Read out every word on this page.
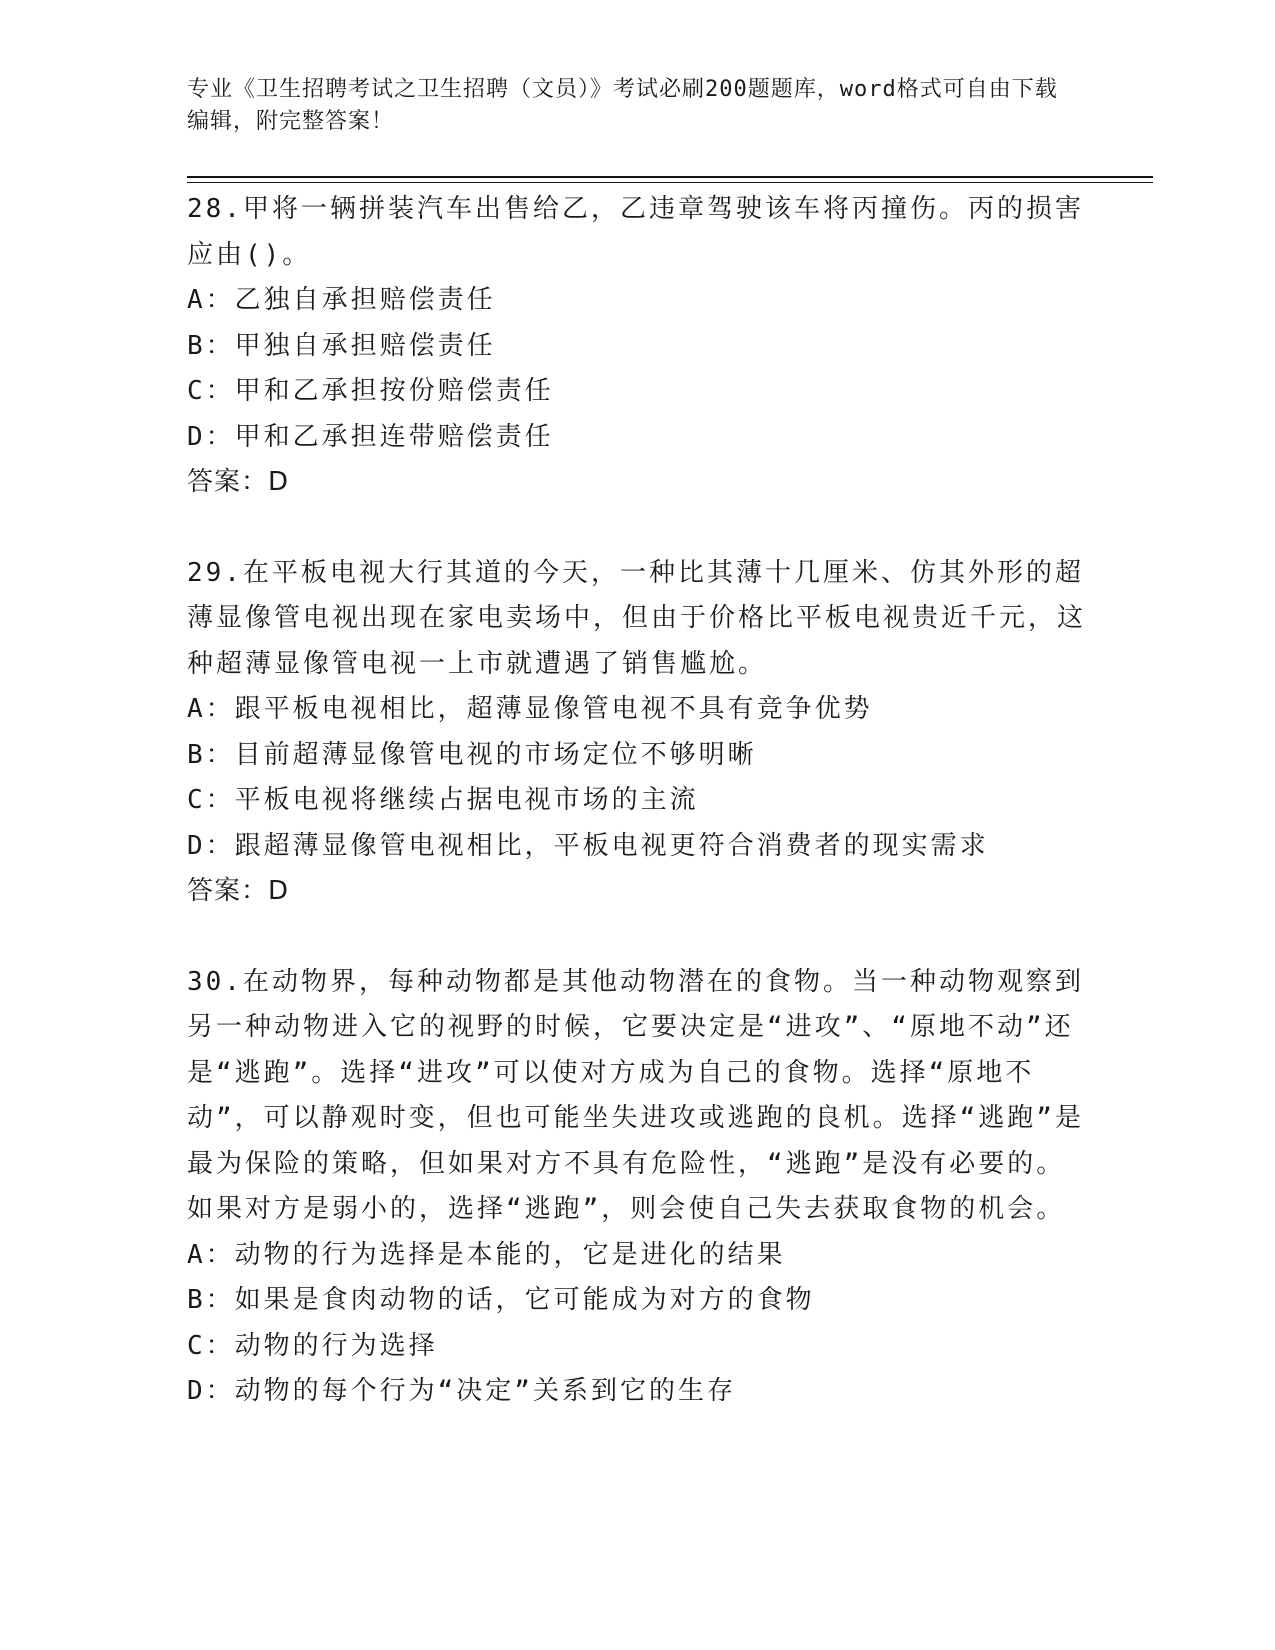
专业《卫生招聘考试之卫生招聘（文员）》考试必刷200题题库，word格式可自由下载编辑，附完整答案！

28.甲将一辆拼装汽车出售给乙，乙违章驾驶该车将丙撞伤。丙的损害应由()。

A：乙独自承担赔偿责任

B：甲独自承担赔偿责任

C：甲和乙承担按份赔偿责任

D：甲和乙承担连带赔偿责任

答案：D

29.在平板电视大行其道的今天，一种比其薄十几厘米、仿其外形的超薄显像管电视出现在家电卖场中，但由于价格比平板电视贵近千元，这种超薄显像管电视一上市就遭遇了销售尴尬。

A：跟平板电视相比，超薄显像管电视不具有竞争优势

B：目前超薄显像管电视的市场定位不够明晰

C：平板电视将继续占据电视市场的主流

D：跟超薄显像管电视相比，平板电视更符合消费者的现实需求

答案：D

30.在动物界，每种动物都是其他动物潜在的食物。当一种动物观察到另一种动物进入它的视野的时候，它要决定是“进攻”、“原地不动”还是“逃跑”。选择“进攻”可以使对方成为自己的食物。选择“原地不动”，可以静观时变，但也可能坐失进攻或逃跑的良机。选择“逃跑”是最为保险的策略，但如果对方不具有危险性，“逃跑”是没有必要的。如果对方是弱小的，选择“逃跑”，则会使自己失去获取食物的机会。

A：动物的行为选择是本能的，它是进化的结果

B：如果是食肉动物的话，它可能成为对方的食物

C：动物的行为选择

D：动物的每个行为“决定”关系到它的生存
